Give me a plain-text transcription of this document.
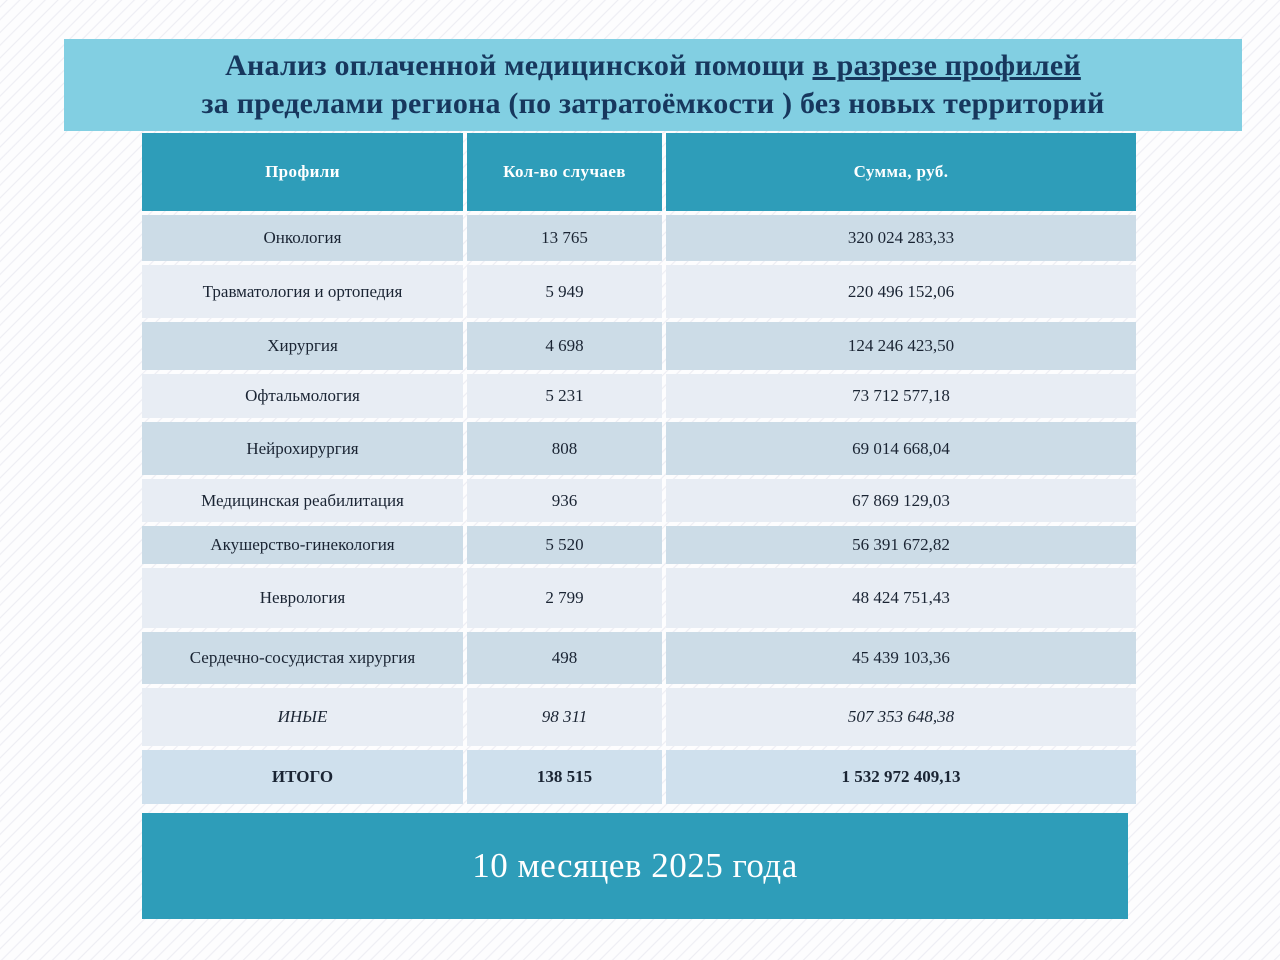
Анализ оплаченной медицинской помощи в разрезе профилей
за пределами региона (по затратоёмкости ) без новых территорий
Профили	Кол-во случаев	Сумма, руб.
Онкология	13 765	320 024 283,33
Травматология и ортопедия	5 949	220 496 152,06
Хирургия	4 698	124 246 423,50
Офтальмология	5 231	73 712 577,18
Нейрохирургия	808	69 014 668,04
Медицинская реабилитация	936	67 869 129,03
Акушерство-гинекология	5 520	56 391 672,82
Неврология	2 799	48 424 751,43
Сердечно-сосудистая хирургия	498	45 439 103,36
ИНЫЕ	98 311	507 353 648,38
ИТОГО	138 515	1 532 972 409,13
10 месяцев 2025 года
